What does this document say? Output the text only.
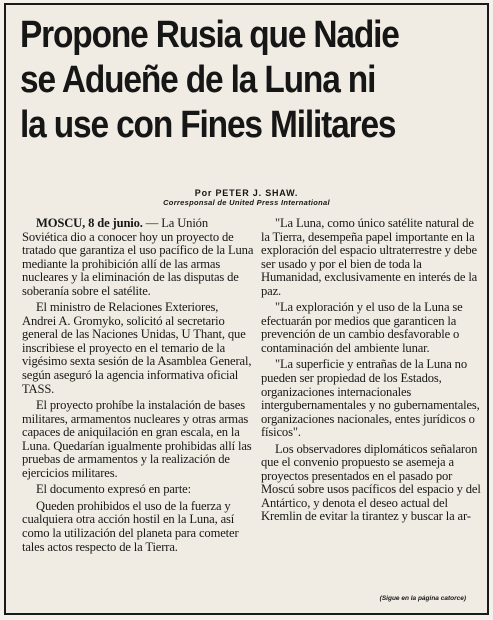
Propone Rusia que Nadie
se Adueñe de la Luna ni
la use con Fines Militares
Por PETER J. SHAW.
Corresponsal de United Press International

MOSCU, 8 de junio. — La Unión Soviética dio a conocer hoy un proyecto de tratado que garantiza el uso pacífico de la Luna mediante la prohibición allí de las armas nucleares y la eliminación de las disputas de soberanía sobre el satélite.

El ministro de Relaciones Exteriores, Andrei A. Gromyko, solicitó al secretario general de las Naciones Unidas, U Thant, que inscribiese el proyecto en el temario de la vigésimo sexta sesión de la Asamblea General, según aseguró la agencia informativa oficial TASS.

El proyecto prohíbe la instalación de bases militares, armamentos nucleares y otras armas capaces de aniquilación en gran escala, en la Luna. Quedarían igualmente prohibidas allí las pruebas de armamentos y la realización de ejercicios militares.

El documento expresó en parte:

Queden prohibidos el uso de la fuerza y cualquiera otra acción hostil en la Luna, así como la utilización del planeta para cometer tales actos respecto de la Tierra.

"La Luna, como único satélite natural de la Tierra, desempeña papel importante en la exploración del espacio ultraterrestre y debe ser usado y por el bien de toda la Humanidad, exclusivamente en interés de la paz.

"La exploración y el uso de la Luna se efectuarán por medios que garanticen la prevención de un cambio desfavorable o contaminación del ambiente lunar.

"La superficie y entrañas de la Luna no pueden ser propiedad de los Estados, organizaciones internacionales intergubernamentales y no gubernamentales, organizaciones nacionales, entes jurídicos o físicos".

Los observadores diplomáticos señalaron que el convenio propuesto se asemeja a proyectos presentados en el pasado por Moscú sobre usos pacíficos del espacio y del Antártico, y denota el deseo actual del Kremlin de evitar la tirantez y buscar la ar-

(Sigue en la página catorce)
